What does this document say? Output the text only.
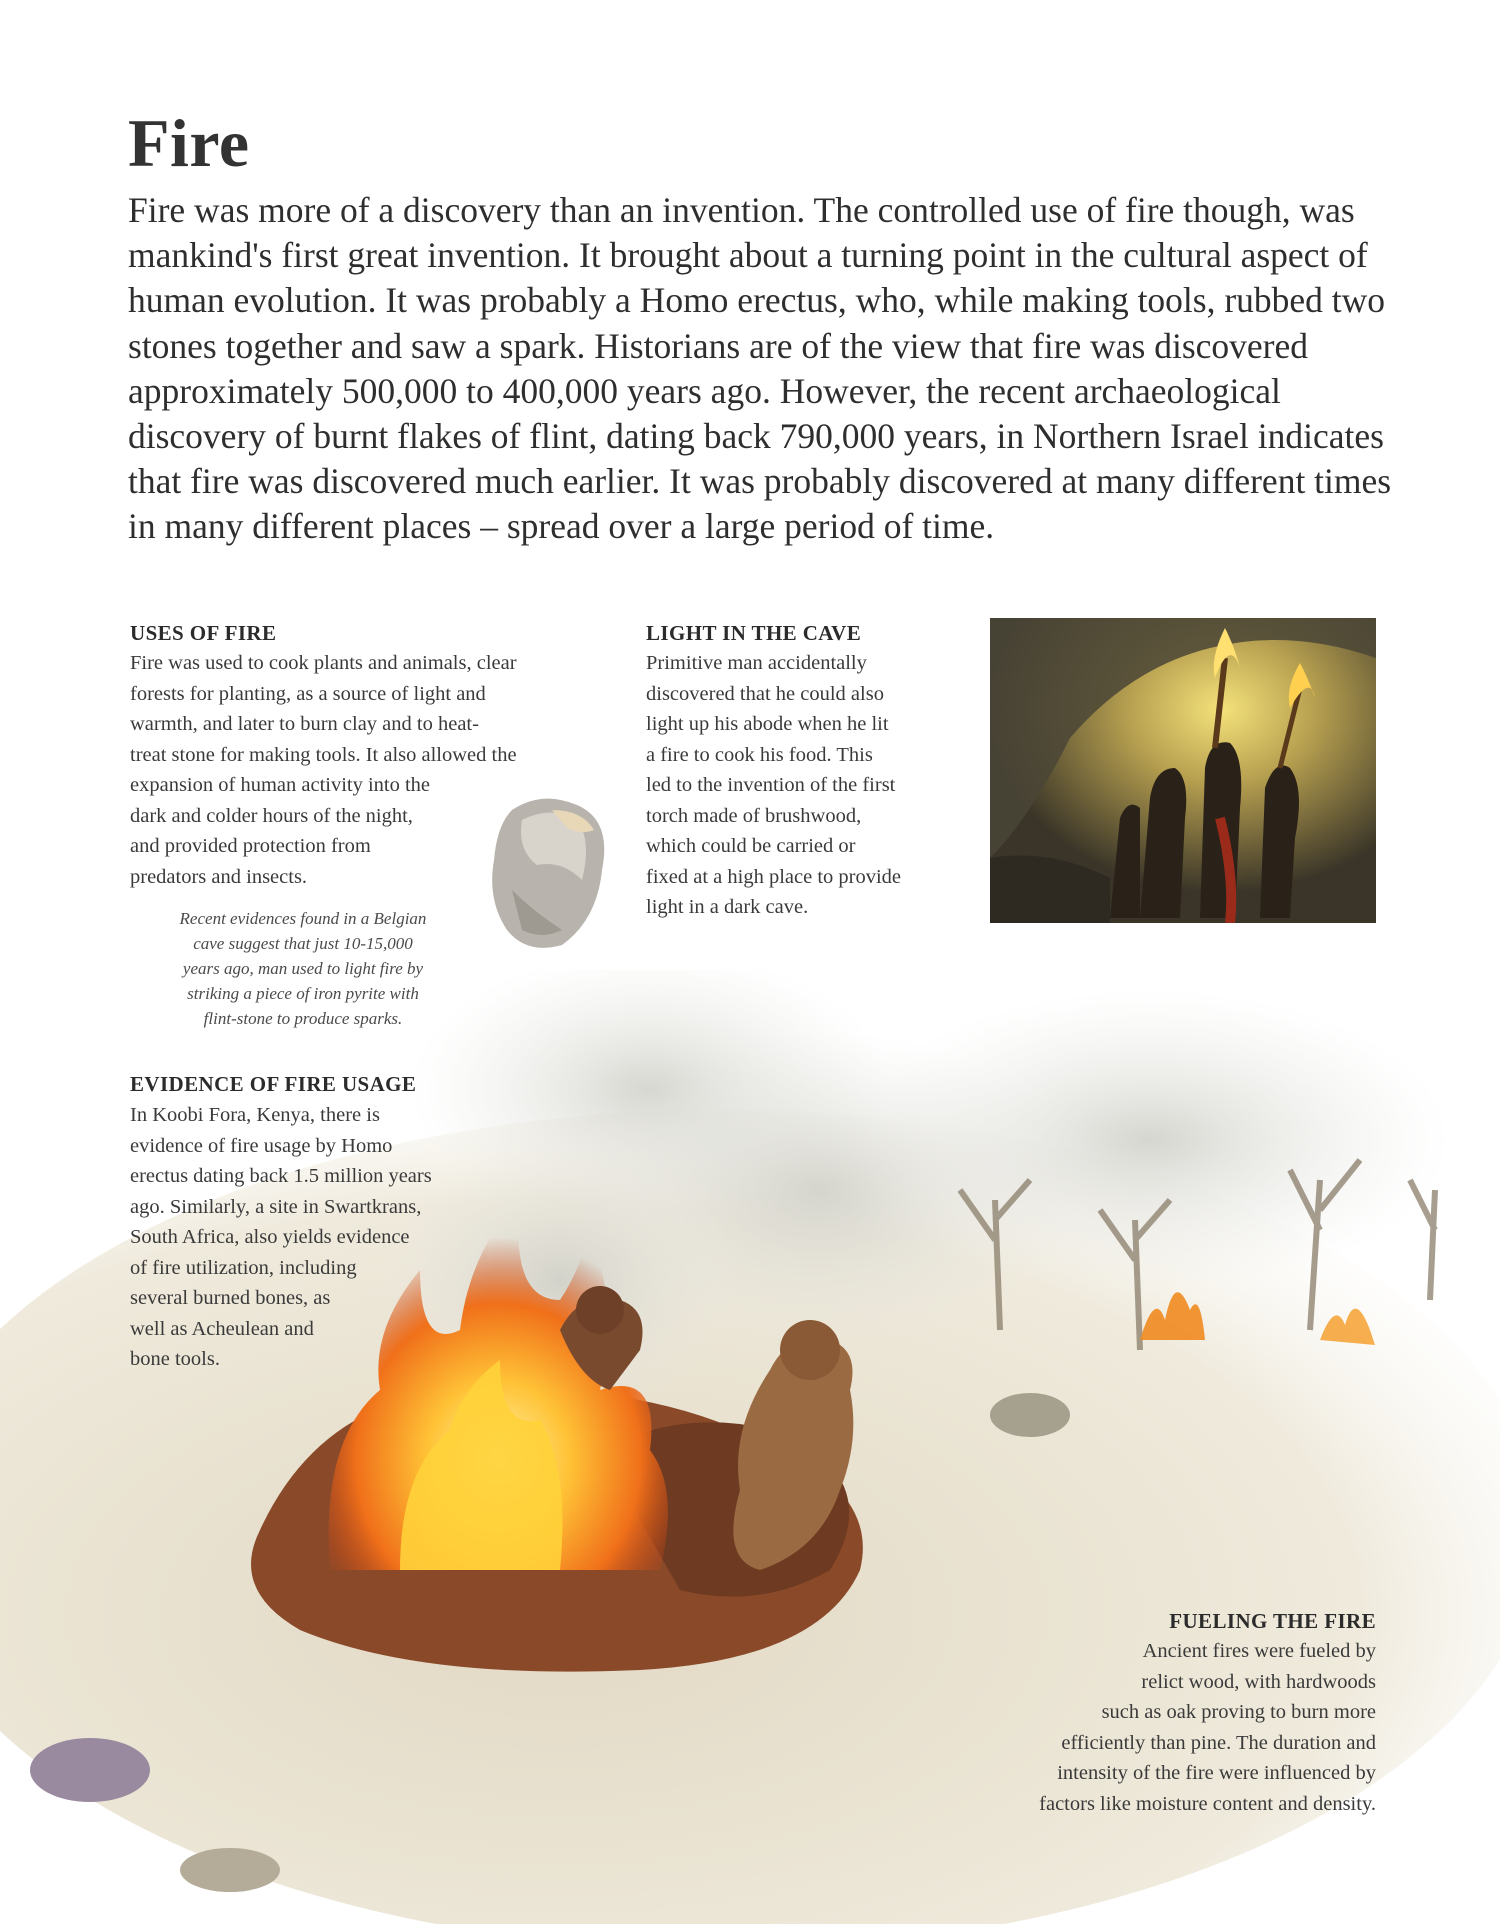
Fire

Fire was more of a discovery than an invention. The controlled use of fire though, was mankind's first great invention. It brought about a turning point in the cultural aspect of human evolution. It was probably a Homo erectus, who, while making tools, rubbed two stones together and saw a spark. Historians are of the view that fire was discovered approximately 500,000 to 400,000 years ago. However, the recent archaeological discovery of burnt flakes of flint, dating back 790,000 years, in Northern Israel indicates that fire was discovered much earlier. It was probably discovered at many different times in many different places – spread over a large period of time.

USES OF FIRE
Fire was used to cook plants and animals, clear
forests for planting, as a source of light and
warmth, and later to burn clay and to heat-
treat stone for making tools. It also allowed the
expansion of human activity into the
dark and colder hours of the night,
and provided protection from
predators and insects.
Recent evidences found in a Belgian
cave suggest that just 10-15,000
years ago, man used to light fire by
striking a piece of iron pyrite with
flint-stone to produce sparks.
LIGHT IN THE CAVE
Primitive man accidentally
discovered that he could also
light up his abode when he lit
a fire to cook his food. This
led to the invention of the first
torch made of brushwood,
which could be carried or
fixed at a high place to provide
light in a dark cave.
EVIDENCE OF FIRE USAGE
In Koobi Fora, Kenya, there is
evidence of fire usage by Homo
erectus dating back 1.5 million years
ago. Similarly, a site in Swartkrans,
South Africa, also yields evidence
of fire utilization, including
several burned bones, as
well as Acheulean and
bone tools.
FUELING THE FIRE
Ancient fires were fueled by
relict wood, with hardwoods
such as oak proving to burn more
efficiently than pine. The duration and
intensity of the fire were influenced by
factors like moisture content and density.
